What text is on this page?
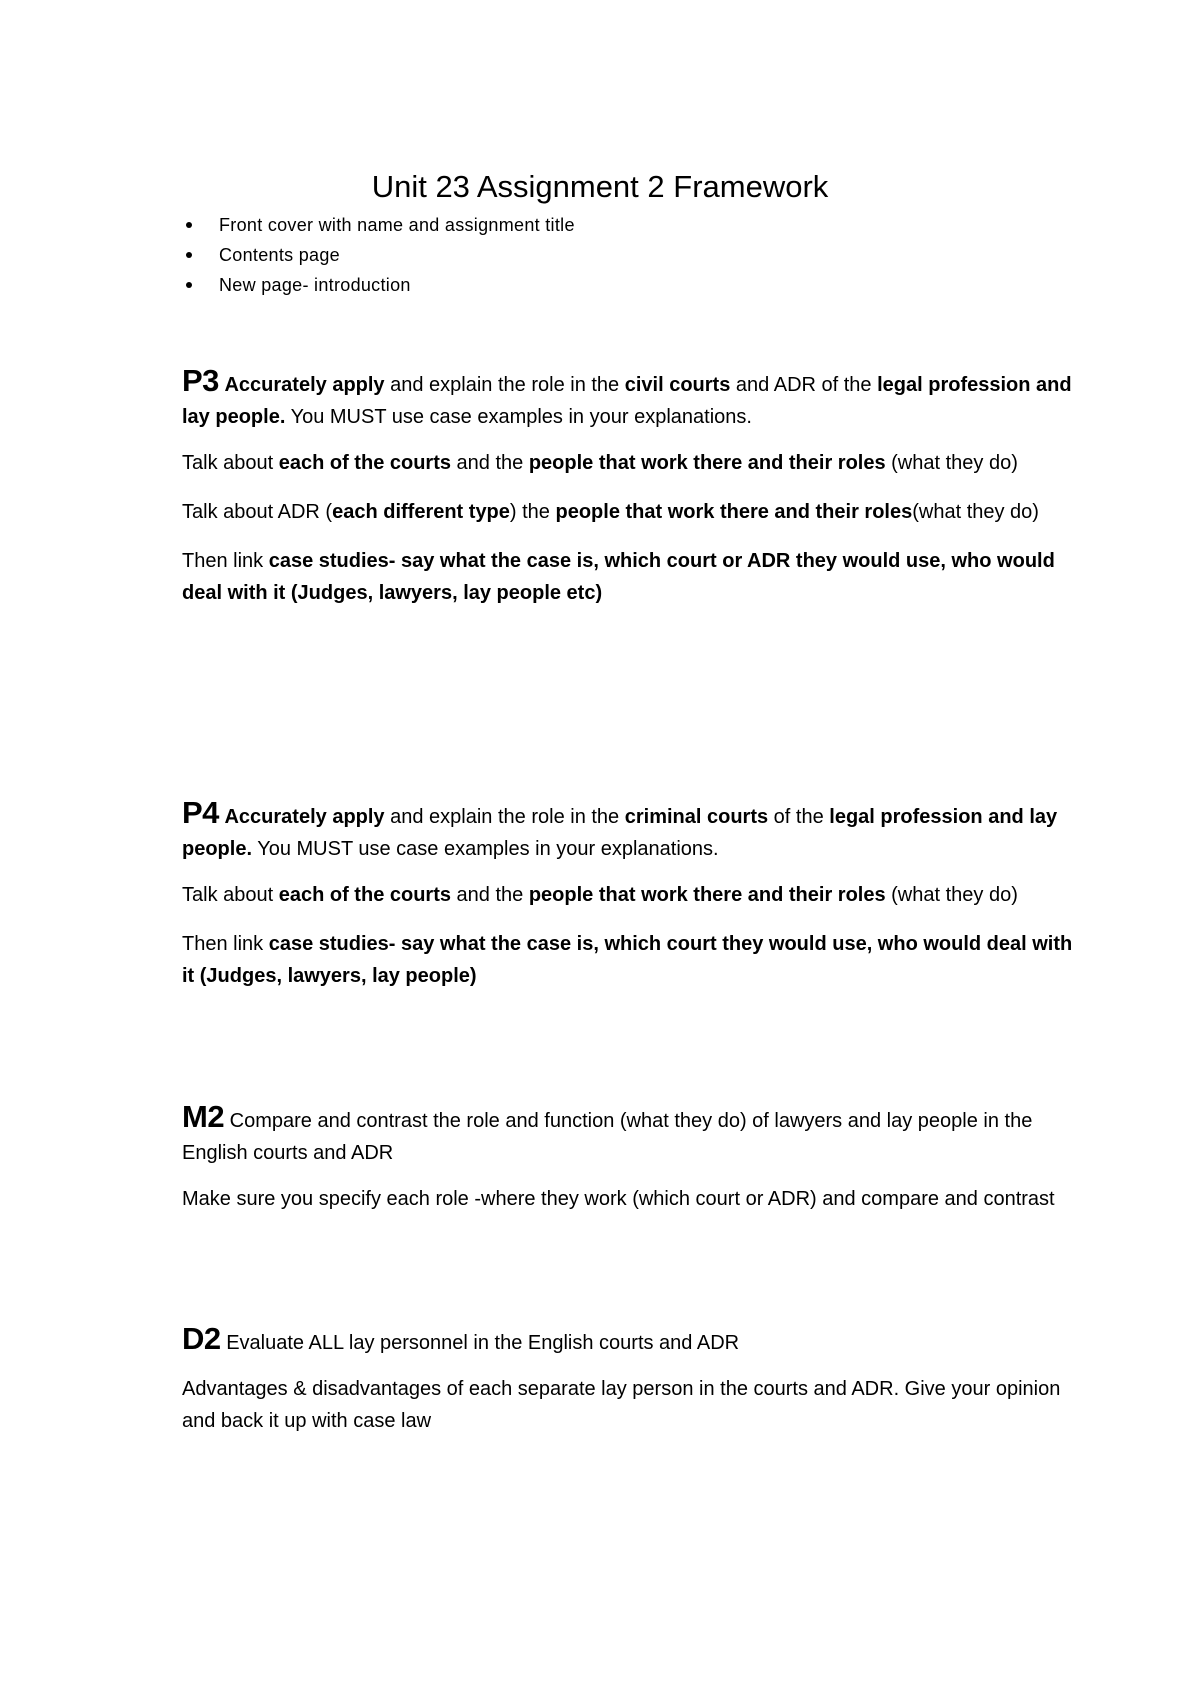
Unit 23 Assignment 2 Framework
Front cover with name and assignment title
Contents page
New page- introduction

P3 Accurately apply and explain the role in the civil courts and ADR of the legal profession and lay people. You MUST use case examples in your explanations.

Talk about each of the courts and the people that work there and their roles (what they do)

Talk about ADR (each different type) the people that work there and their roles(what they do)

Then link case studies- say what the case is, which court or ADR they would use, who would deal with it (Judges, lawyers, lay people etc)

P4 Accurately apply and explain the role in the criminal courts of the legal profession and lay people. You MUST use case examples in your explanations.

Talk about each of the courts and the people that work there and their roles (what they do)

Then link case studies- say what the case is, which court they would use, who would deal with it (Judges, lawyers, lay people)

M2 Compare and contrast the role and function (what they do) of lawyers and lay people in the English courts and ADR

Make sure you specify each role -where they work (which court or ADR) and compare and contrast

D2 Evaluate ALL lay personnel in the English courts and ADR

Advantages & disadvantages of each separate lay person in the courts and ADR. Give your opinion and back it up with case law
